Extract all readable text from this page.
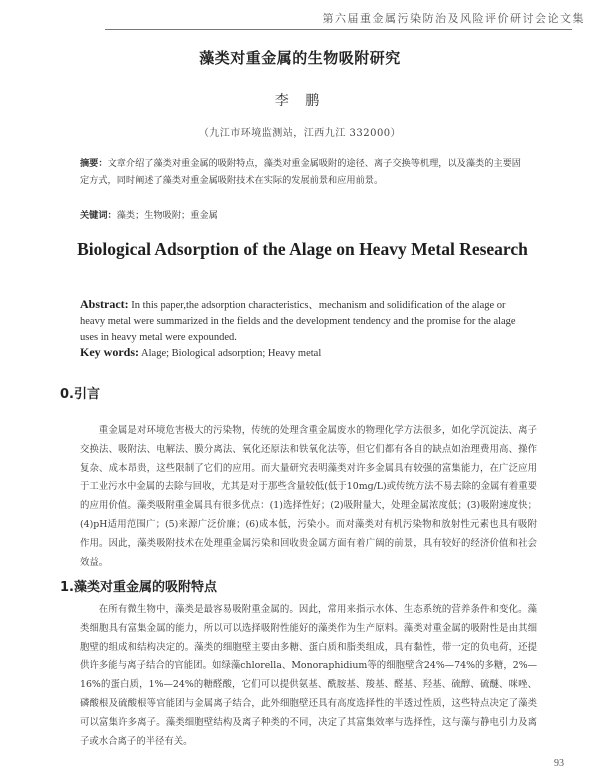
第六届重金属污染防治及风险评价研讨会论文集
藻类对重金属的生物吸附研究
李 鹏
（九江市环境监测站，江西九江 332000）
摘要：文章介绍了藻类对重金属的吸附特点，藻类对重金属吸附的途径、离子交换等机理，以及藻类的主要固定方式，同时阐述了藻类对重金属吸附技术在实际的发展前景和应用前景。
关键词：藻类；生物吸附；重金属
Biological Adsorption of the Alage on Heavy Metal Research
Abstract: In this paper,the adsorption characteristics、mechanism and solidification of the alage or heavy metal were summarized in the fields and the development tendency and the promise for the alage uses in heavy metal were expounded.
Key words: Alage; Biological adsorption; Heavy metal
0.引言
重金属是对环境危害极大的污染物，传统的处理含重金属废水的物理化学方法很多，如化学沉淀法、离子交换法、吸附法、电解法、膜分离法、氧化还原法和铁氧化法等，但它们都有各自的缺点如治理费用高、操作复杂、成本昂贵，这些限制了它们的应用。而大量研究表明藻类对许多金属具有较强的富集能力，在广泛应用于工业污水中金属的去除与回收，尤其是对于那些含量较低(低于10mg/L)或传统方法不易去除的金属有着重要的应用价值。藻类吸附重金属具有很多优点：(1)选择性好；(2)吸附量大，处理金属浓度低；(3)吸附速度快；(4)pH适用范围广；(5)来源广泛价廉；(6)成本低，污染小。而对藻类对有机污染物和放射性元素也具有吸附作用。因此，藻类吸附技术在处理重金属污染和回收贵金属方面有着广阔的前景，具有较好的经济价值和社会效益。
1.藻类对重金属的吸附特点
在所有微生物中，藻类是最容易吸附重金属的。因此，常用来指示水体、生态系统的营养条件和变化。藻类细胞具有富集金属的能力，所以可以选择吸附性能好的藻类作为生产原料。藻类对重金属的吸附性是由其细胞壁的组成和结构决定的。藻类的细胞壁主要由多糖、蛋白质和脂类组成，具有黏性，带一定的负电荷，还提供许多能与离子结合的官能团。如绿藻chlorella、Monoraphidium等的细胞壁含24%—74%的多糖，2%—16%的蛋白质，1%—24%的糖醛酸，它们可以提供氨基、酰胺基、羧基、醛基、羟基、硫醇、硫醚、咪唑、磷酸根及硫酸根等官能团与金属离子结合，此外细胞壁还具有高度选择性的半透过性质，这些特点决定了藻类可以富集许多离子。藻类细胞壁结构及离子种类的不同，决定了其富集效率与选择性，这与藻与静电引力及离子或水合离子的半径有关。
93
